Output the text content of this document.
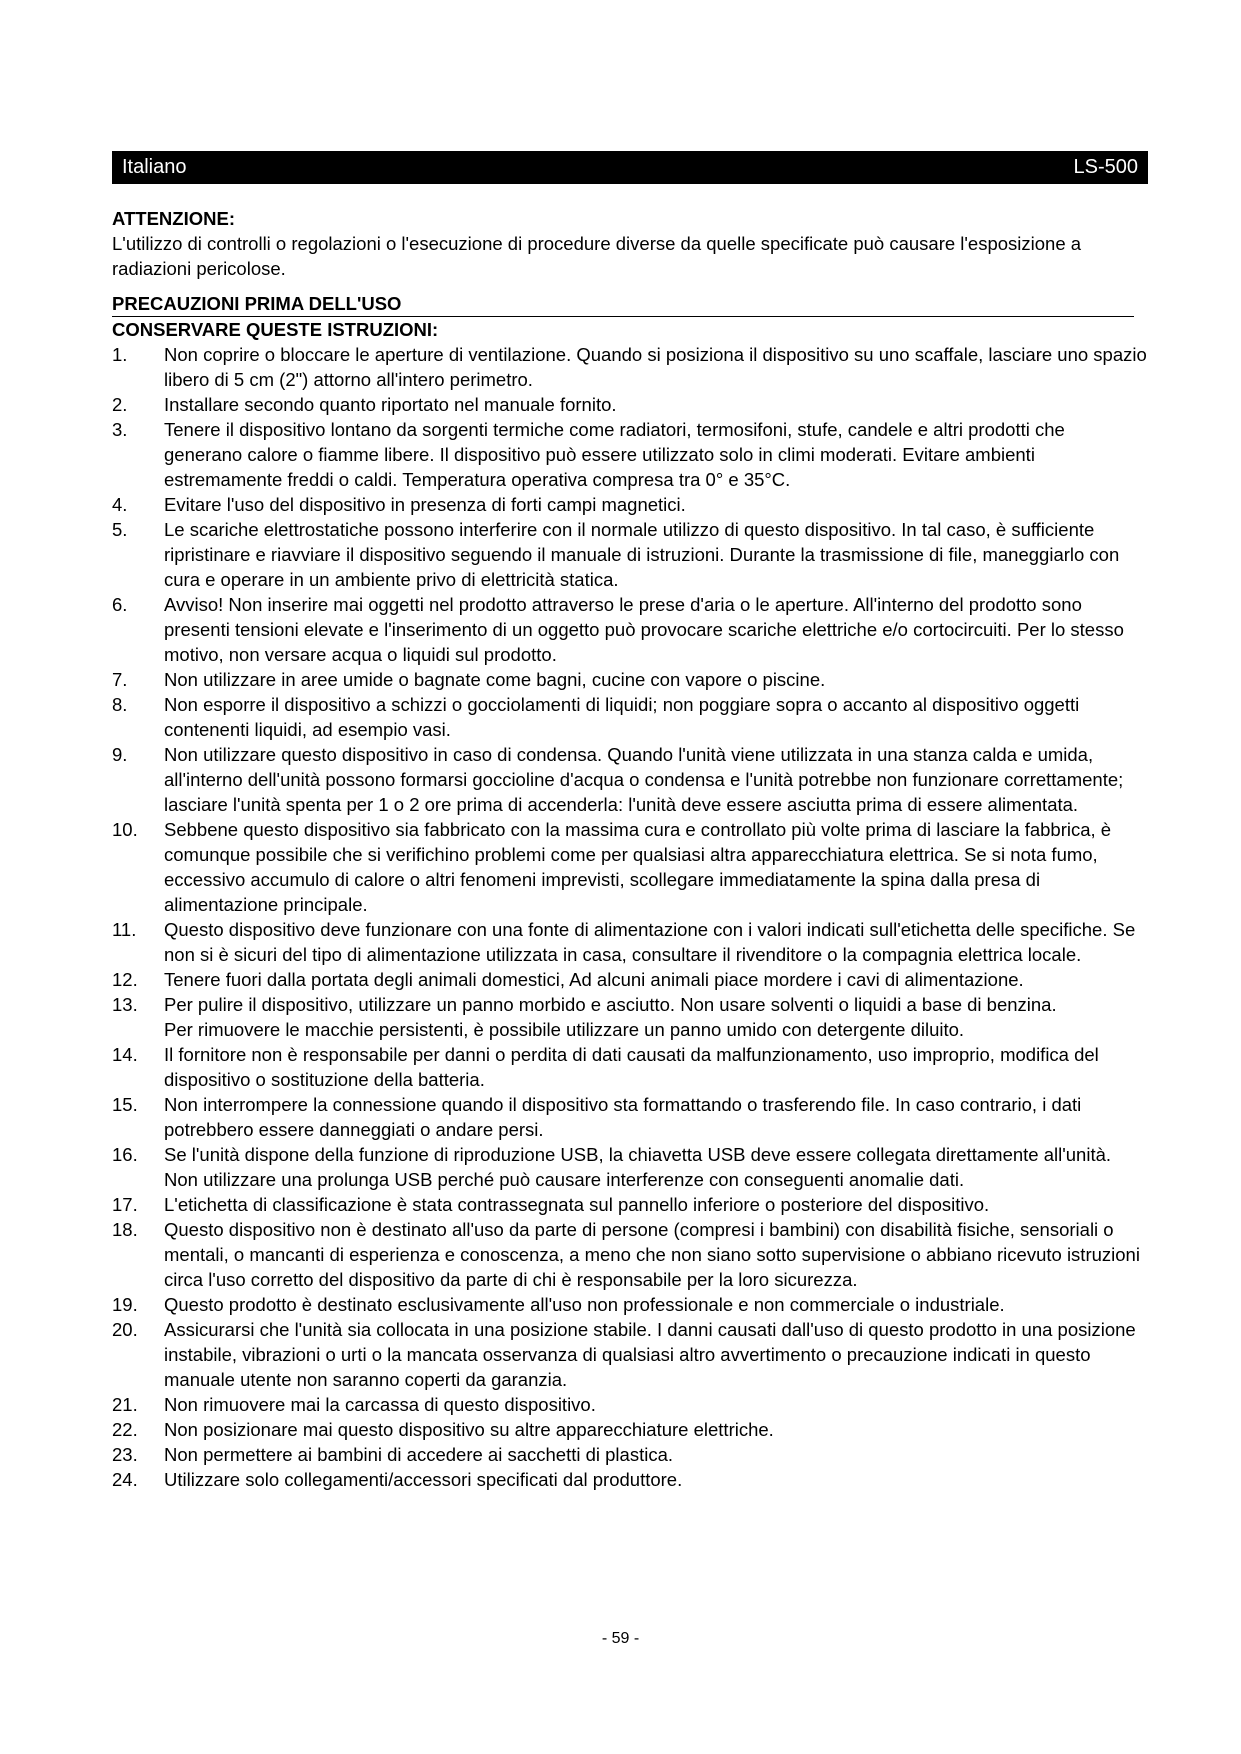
Italiano	LS-500
ATTENZIONE:
L'utilizzo di controlli o regolazioni o l'esecuzione di procedure diverse da quelle specificate può causare l'esposizione a radiazioni pericolose.
PRECAUZIONI PRIMA DELL'USO
CONSERVARE QUESTE ISTRUZIONI:
1.	Non coprire o bloccare le aperture di ventilazione. Quando si posiziona il dispositivo su uno scaffale, lasciare uno spazio libero di 5 cm (2") attorno all'intero perimetro.
2.	Installare secondo quanto riportato nel manuale fornito.
3.	Tenere il dispositivo lontano da sorgenti termiche come radiatori, termosifoni, stufe, candele e altri prodotti che generano calore o fiamme libere. Il dispositivo può essere utilizzato solo in climi moderati. Evitare ambienti estremamente freddi o caldi. Temperatura operativa compresa tra 0° e 35°C.
4.	Evitare l'uso del dispositivo in presenza di forti campi magnetici.
5.	Le scariche elettrostatiche possono interferire con il normale utilizzo di questo dispositivo. In tal caso, è sufficiente ripristinare e riavviare il dispositivo seguendo il manuale di istruzioni. Durante la trasmissione di file, maneggiarlo con cura e operare in un ambiente privo di elettricità statica.
6.	Avviso! Non inserire mai oggetti nel prodotto attraverso le prese d'aria o le aperture. All'interno del prodotto sono presenti tensioni elevate e l'inserimento di un oggetto può provocare scariche elettriche e/o cortocircuiti. Per lo stesso motivo, non versare acqua o liquidi sul prodotto.
7.	Non utilizzare in aree umide o bagnate come bagni, cucine con vapore o piscine.
8.	Non esporre il dispositivo a schizzi o gocciolamenti di liquidi; non poggiare sopra o accanto al dispositivo oggetti contenenti liquidi, ad esempio vasi.
9.	Non utilizzare questo dispositivo in caso di condensa. Quando l'unità viene utilizzata in una stanza calda e umida, all'interno dell'unità possono formarsi goccioline d'acqua o condensa e l'unità potrebbe non funzionare correttamente; lasciare l'unità spenta per 1 o 2 ore prima di accenderla: l'unità deve essere asciutta prima di essere alimentata.
10.	Sebbene questo dispositivo sia fabbricato con la massima cura e controllato più volte prima di lasciare la fabbrica, è comunque possibile che si verifichino problemi come per qualsiasi altra apparecchiatura elettrica. Se si nota fumo, eccessivo accumulo di calore o altri fenomeni imprevisti, scollegare immediatamente la spina dalla presa di alimentazione principale.
11.	Questo dispositivo deve funzionare con una fonte di alimentazione con i valori indicati sull'etichetta delle specifiche. Se non si è sicuri del tipo di alimentazione utilizzata in casa, consultare il rivenditore o la compagnia elettrica locale.
12.	Tenere fuori dalla portata degli animali domestici, Ad alcuni animali piace mordere i cavi di alimentazione.
13.	Per pulire il dispositivo, utilizzare un panno morbido e asciutto. Non usare solventi o liquidi a base di benzina.
Per rimuovere le macchie persistenti, è possibile utilizzare un panno umido con detergente diluito.
14.	Il fornitore non è responsabile per danni o perdita di dati causati da malfunzionamento, uso improprio, modifica del dispositivo o sostituzione della batteria.
15.	Non interrompere la connessione quando il dispositivo sta formattando o trasferendo file. In caso contrario, i dati potrebbero essere danneggiati o andare persi.
16.	Se l'unità dispone della funzione di riproduzione USB, la chiavetta USB deve essere collegata direttamente all'unità. Non utilizzare una prolunga USB perché può causare interferenze con conseguenti anomalie dati.
17.	L'etichetta di classificazione è stata contrassegnata sul pannello inferiore o posteriore del dispositivo.
18.	Questo dispositivo non è destinato all'uso da parte di persone (compresi i bambini) con disabilità fisiche, sensoriali o mentali, o mancanti di esperienza e conoscenza, a meno che non siano sotto supervisione o abbiano ricevuto istruzioni circa l'uso corretto del dispositivo da parte di chi è responsabile per la loro sicurezza.
19.	Questo prodotto è destinato esclusivamente all'uso non professionale e non commerciale o industriale.
20.	Assicurarsi che l'unità sia collocata in una posizione stabile. I danni causati dall'uso di questo prodotto in una posizione instabile, vibrazioni o urti o la mancata osservanza di qualsiasi altro avvertimento o precauzione indicati in questo manuale utente non saranno coperti da garanzia.
21.	Non rimuovere mai la carcassa di questo dispositivo.
22.	Non posizionare mai questo dispositivo su altre apparecchiature elettriche.
23.	Non permettere ai bambini di accedere ai sacchetti di plastica.
24.	Utilizzare solo collegamenti/accessori specificati dal produttore.
- 59 -
